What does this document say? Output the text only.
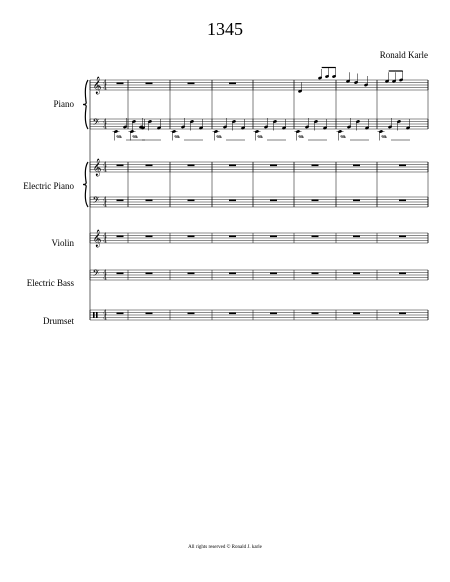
1345
Ronald Karle
Piano
Electric Piano
Violin
Electric Bass
Drumset
𝄞 4
4
𝄢 4
4
𝄞 4
4
𝄢 4
4
𝄞 4
4
𝄢 4
4
4
4
𝆮 𝆮	𝆮	𝆮	𝆮	𝆮	𝆮	𝆮
All rights reserved © Ronald J. karle
